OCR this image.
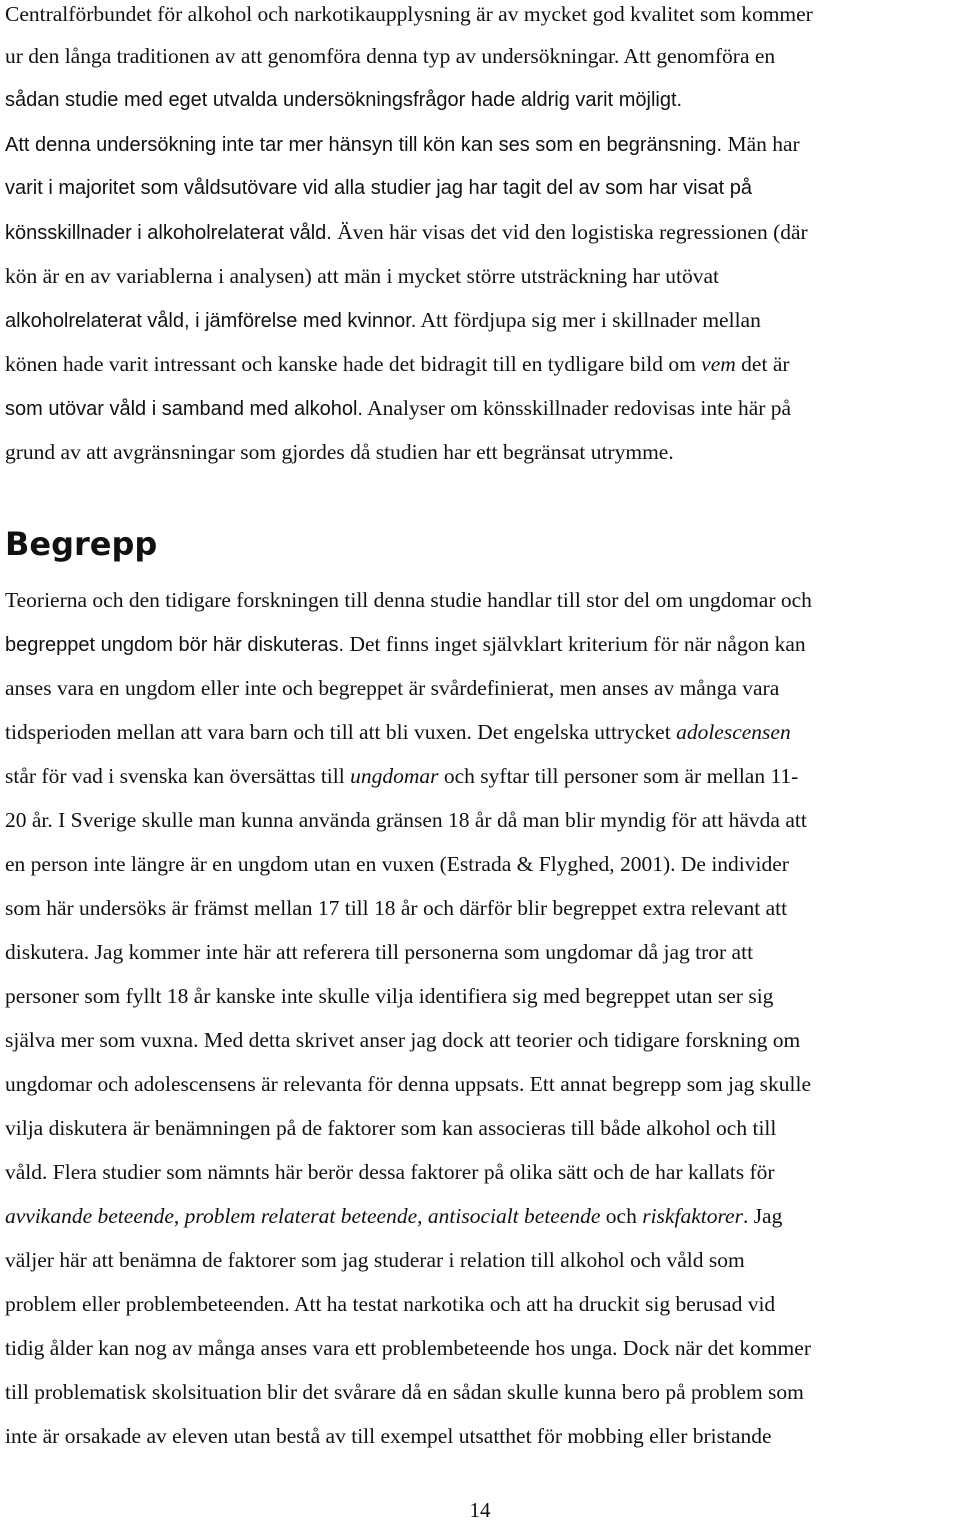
Centralförbundet för alkohol och narkotikaupplysning är av mycket god kvalitet som kommer

ur den långa traditionen av att genomföra denna typ av undersökningar. Att genomföra en

sådan studie med eget utvalda undersökningsfrågor hade aldrig varit möjligt.

Att denna undersökning inte tar mer hänsyn till kön kan ses som en begränsning. Män har

varit i majoritet som våldsutövare vid alla studier jag har tagit del av som har visat på

könsskillnader i alkoholrelaterat våld. Även här visas det vid den logistiska regressionen (där

kön är en av variablerna i analysen) att män i mycket större utsträckning har utövat

alkoholrelaterat våld, i jämförelse med kvinnor. Att fördjupa sig mer i skillnader mellan

könen hade varit intressant och kanske hade det bidragit till en tydligare bild om vem det är

som utövar våld i samband med alkohol. Analyser om könsskillnader redovisas inte här på

grund av att avgränsningar som gjordes då studien har ett begränsat utrymme.

Begrepp

Teorierna och den tidigare forskningen till denna studie handlar till stor del om ungdomar och

begreppet ungdom bör här diskuteras. Det finns inget självklart kriterium för när någon kan

anses vara en ungdom eller inte och begreppet är svårdefinierat, men anses av många vara

tidsperioden mellan att vara barn och till att bli vuxen. Det engelska uttrycket adolescensen

står för vad i svenska kan översättas till ungdomar och syftar till personer som är mellan 11-

20 år. I Sverige skulle man kunna använda gränsen 18 år då man blir myndig för att hävda att

en person inte längre är en ungdom utan en vuxen (Estrada & Flyghed, 2001). De individer

som här undersöks är främst mellan 17 till 18 år och därför blir begreppet extra relevant att

diskutera. Jag kommer inte här att referera till personerna som ungdomar då jag tror att

personer som fyllt 18 år kanske inte skulle vilja identifiera sig med begreppet utan ser sig

själva mer som vuxna. Med detta skrivet anser jag dock att teorier och tidigare forskning om

ungdomar och adolescensens är relevanta för denna uppsats. Ett annat begrepp som jag skulle

vilja diskutera är benämningen på de faktorer som kan associeras till både alkohol och till

våld. Flera studier som nämnts här berör dessa faktorer på olika sätt och de har kallats för

avvikande beteende, problem relaterat beteende, antisocialt beteende och riskfaktorer. Jag

väljer här att benämna de faktorer som jag studerar i relation till alkohol och våld som

problem eller problembeteenden. Att ha testat narkotika och att ha druckit sig berusad vid

tidig ålder kan nog av många anses vara ett problembeteende hos unga. Dock när det kommer

till problematisk skolsituation blir det svårare då en sådan skulle kunna bero på problem som

inte är orsakade av eleven utan bestå av till exempel utsatthet för mobbing eller bristande

14
